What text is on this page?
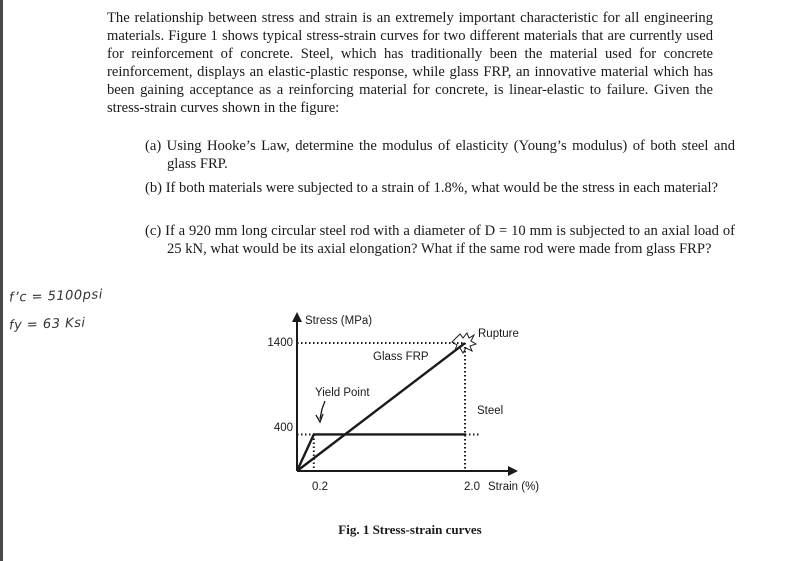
The relationship between stress and strain is an extremely important characteristic for all engineering materials. Figure 1 shows typical stress-strain curves for two different materials that are currently used for reinforcement of concrete. Steel, which has traditionally been the material used for concrete reinforcement, displays an elastic-plastic response, while glass FRP, an innovative material which has been gaining acceptance as a reinforcing material for concrete, is linear-elastic to failure. Given the stress-strain curves shown in the figure:

(a) Using Hooke’s Law, determine the modulus of elasticity (Young’s modulus) of both steel and glass FRP.

(b) If both materials were subjected to a strain of 1.8%, what would be the stress in each material?

(c) If a 920 mm long circular steel rod with a diameter of D = 10 mm is subjected to an axial load of 25 kN, what would be its axial elongation? What if the same rod were made from glass FRP?

f’c = 5100psi
fy = 63 Ksi	Stress (MPa)
Strain (%)
1400
400
0.2	2.0
Glass FRP
Steel
Rupture
Yield Point
Fig. 1 Stress-strain curves
